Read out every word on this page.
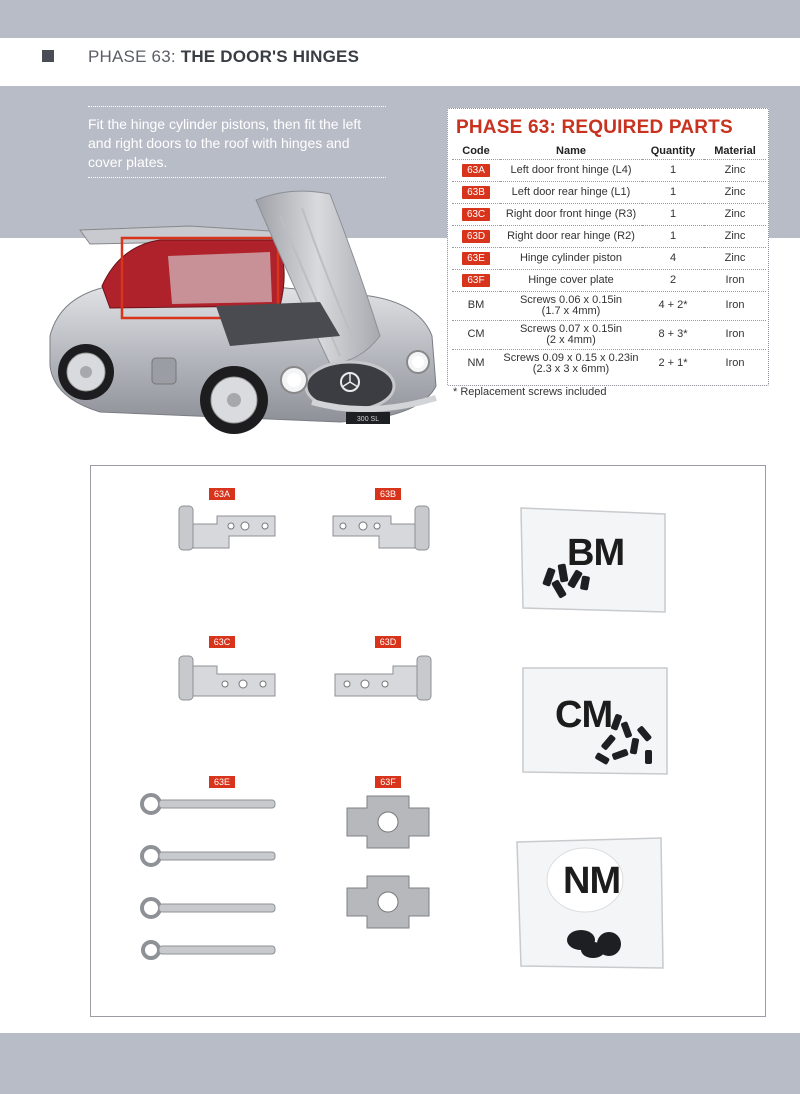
PHASE 63: THE DOOR'S HINGES

Fit the hinge cylinder pistons, then fit the left and right doors to the roof with hinges and cover plates.

300 SL
PHASE 63: REQUIRED PARTS
Code	Name	Quantity	Material
63A	Left door front hinge (L4)	1	Zinc
63B	Left door rear hinge (L1)	1	Zinc
63C	Right door front hinge (R3)	1	Zinc
63D	Right door rear hinge (R2)	1	Zinc
63E	Hinge cylinder piston	4	Zinc
63F	Hinge cover plate	2	Iron
BM	Screws 0.06 x 0.15in
(1.7 x 4mm)	4 + 2*	Iron
CM	Screws 0.07 x 0.15in
(2 x 4mm)	8 + 3*	Iron
NM	Screws 0.09 x 0.15 x 0.23in
(2.3 x 3 x 6mm)	2 + 1*	Iron
* Replacement screws included
63A	63B
63C	63D
63E	63F
BM
CM
NM
